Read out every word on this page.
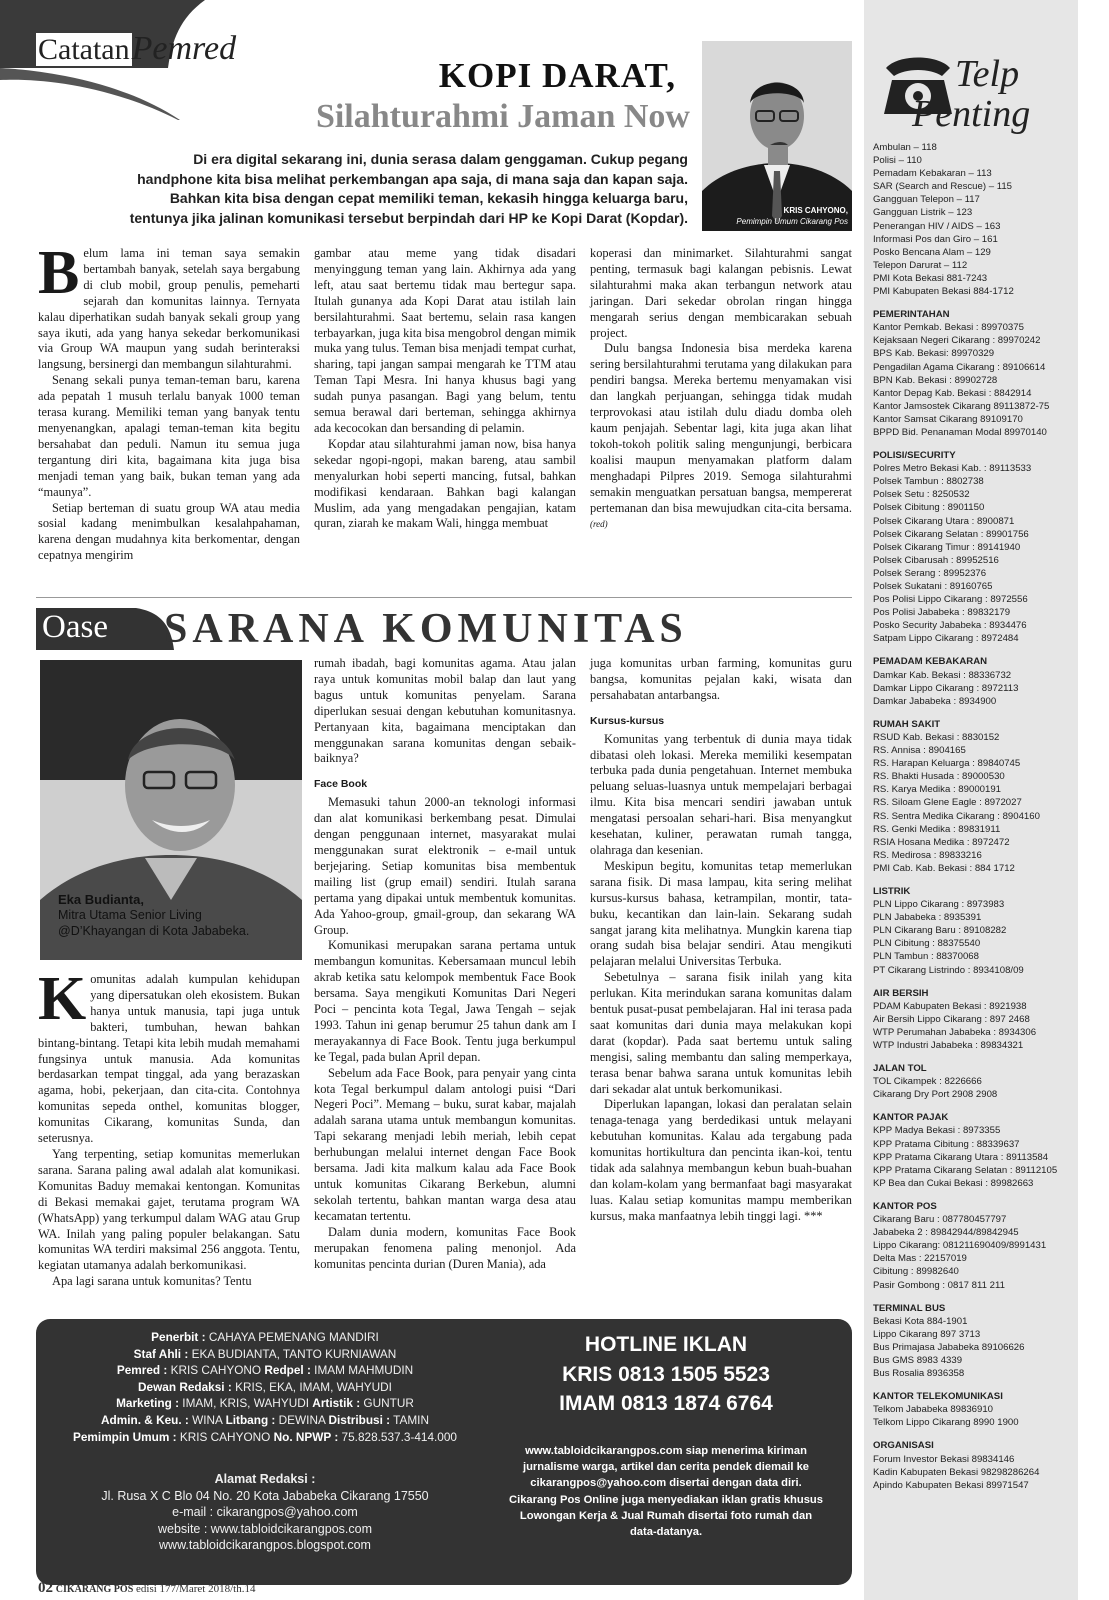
CatatanPemred
KOPI DARAT,
Silahturahmi Jaman Now
Di era digital sekarang ini, dunia serasa dalam genggaman. Cukup pegang handphone kita bisa melihat perkembangan apa saja, di mana saja dan kapan saja. Bahkan kita bisa dengan cepat memiliki teman, kekasih hingga keluarga baru, tentunya jika jalinan komunikasi tersebut berpindah dari HP ke Kopi Darat (Kopdar).	KRIS CAHYONO,
Pemimpin Umum Cikarang Pos
B elum lama ini teman saya semakin bertambah banyak, setelah saya bergabung di club mobil, group penulis, pemeharti sejarah dan komunitas lainnya. Ternyata kalau diperhatikan sudah banyak sekali group yang saya ikuti, ada yang hanya sekedar berkomunikasi via Group WA maupun yang sudah berinteraksi langsung, bersinergi dan membangun silahturahmi.

Senang sekali punya teman-teman baru, karena ada pepatah 1 musuh terlalu banyak 1000 teman terasa kurang. Memiliki teman yang banyak tentu menyenangkan, apalagi teman-teman kita begitu bersahabat dan peduli. Namun itu semua juga tergantung diri kita, bagaimana kita juga bisa menjadi teman yang baik, bukan teman yang ada “maunya”.

Setiap berteman di suatu group WA atau media sosial kadang menimbulkan kesalahpahaman, karena dengan mudahnya kita berkomentar, dengan cepatnya mengirim

gambar atau meme yang tidak disadari menyinggung teman yang lain. Akhirnya ada yang left, atau saat bertemu tidak mau bertegur sapa. Itulah gunanya ada Kopi Darat atau istilah lain bersilahturahmi. Saat bertemu, selain rasa kangen terbayarkan, juga kita bisa mengobrol dengan mimik muka yang tulus. Teman bisa menjadi tempat curhat, sharing, tapi jangan sampai mengarah ke TTM atau Teman Tapi Mesra. Ini hanya khusus bagi yang sudah punya pasangan. Bagi yang belum, tentu semua berawal dari berteman, sehingga akhirnya ada kecocokan dan bersanding di pelamin.

Kopdar atau silahturahmi jaman now, bisa hanya sekedar ngopi-ngopi, makan bareng, atau sambil menyalurkan hobi seperti mancing, futsal, bahkan modifikasi kendaraan. Bahkan bagi kalangan Muslim, ada yang mengadakan pengajian, katam quran, ziarah ke makam Wali, hingga membuat

koperasi dan minimarket. Silahturahmi sangat penting, termasuk bagi kalangan pebisnis. Lewat silahturahmi maka akan terbangun network atau jaringan. Dari sekedar obrolan ringan hingga mengarah serius dengan membicarakan sebuah project.

Dulu bangsa Indonesia bisa merdeka karena sering bersilahturahmi terutama yang dilakukan para pendiri bangsa. Mereka bertemu menyamakan visi dan langkah perjuangan, sehingga tidak mudah terprovokasi atau istilah dulu diadu domba oleh kaum penjajah. Sebentar lagi, kita juga akan lihat tokoh-tokoh politik saling mengunjungi, berbicara koalisi maupun menyamakan platform dalam menghadapi Pilpres 2019. Semoga silahturahmi semakin menguatkan persatuan bangsa, mempererat pertemanan dan bisa mewujudkan cita-cita bersama. (red)

Oase SARANA KOMUNITAS
Eka Budianta,
Mitra Utama Senior Living
@D’Khayangan di Kota Jababeka.
K omunitas adalah kumpulan kehidupan yang dipersatukan oleh ekosistem. Bukan hanya untuk manusia, tapi juga untuk bakteri, tumbuhan, hewan bahkan bintang-bintang. Tetapi kita lebih mudah memahami fungsinya untuk manusia. Ada komunitas berdasarkan tempat tinggal, ada yang berazaskan agama, hobi, pekerjaan, dan cita-cita. Contohnya komunitas sepeda onthel, komunitas blogger, komunitas Cikarang, komunitas Sunda, dan seterusnya.

Yang terpenting, setiap komunitas memerlukan sarana. Sarana paling awal adalah alat komunikasi. Komunitas Baduy memakai kentongan. Komunitas di Bekasi memakai gajet, terutama program WA (WhatsApp) yang terkumpul dalam WAG atau Grup WA. Inilah yang paling populer belakangan. Satu komunitas WA terdiri maksimal 256 anggota. Tentu, kegiatan utamanya adalah berkomunikasi.

Apa lagi sarana untuk komunitas? Tentu

rumah ibadah, bagi komunitas agama. Atau jalan raya untuk komunitas mobil balap dan laut yang bagus untuk komunitas penyelam. Sarana diperlukan sesuai dengan kebutuhan komunitasnya. Pertanyaan kita, bagaimana menciptakan dan menggunakan sarana komunitas dengan sebaik-baiknya?

Face Book

Memasuki tahun 2000-an teknologi informasi dan alat komunikasi berkembang pesat. Dimulai dengan penggunaan internet, masyarakat mulai menggunakan surat elektronik – e-mail untuk berjejaring. Setiap komunitas bisa membentuk mailing list (grup email) sendiri. Itulah sarana pertama yang dipakai untuk membentuk komunitas. Ada Yahoo-group, gmail-group, dan sekarang WA Group.

Komunikasi merupakan sarana pertama untuk membangun komunitas. Kebersamaan muncul lebih akrab ketika satu kelompok membentuk Face Book bersama. Saya mengikuti Komunitas Dari Negeri Poci – pencinta kota Tegal, Jawa Tengah – sejak 1993. Tahun ini genap berumur 25 tahun dank am I merayakannya di Face Book. Tentu juga berkumpul ke Tegal, pada bulan April depan.

Sebelum ada Face Book, para penyair yang cinta kota Tegal berkumpul dalam antologi puisi “Dari Negeri Poci”. Memang – buku, surat kabar, majalah adalah sarana utama untuk membangun komunitas. Tapi sekarang menjadi lebih meriah, lebih cepat berhubungan melalui internet dengan Face Book bersama. Jadi kita malkum kalau ada Face Book untuk komunitas Cikarang Berkebun, alumni sekolah tertentu, bahkan mantan warga desa atau kecamatan tertentu.

Dalam dunia modern, komunitas Face Book merupakan fenomena paling menonjol. Ada komunitas pencinta durian (Duren Mania), ada

juga komunitas urban farming, komunitas guru bangsa, komunitas pejalan kaki, wisata dan persahabatan antarbangsa.

Kursus-kursus

Komunitas yang terbentuk di dunia maya tidak dibatasi oleh lokasi. Mereka memiliki kesempatan terbuka pada dunia pengetahuan. Internet membuka peluang seluas-luasnya untuk mempelajari berbagai ilmu. Kita bisa mencari sendiri jawaban untuk mengatasi persoalan sehari-hari. Bisa menyangkut kesehatan, kuliner, perawatan rumah tangga, olahraga dan kesenian.

Meskipun begitu, komunitas tetap memerlukan sarana fisik. Di masa lampau, kita sering melihat kursus-kursus bahasa, ketrampilan, montir, tata-buku, kecantikan dan lain-lain. Sekarang sudah sangat jarang kita melihatnya. Mungkin karena tiap orang sudah bisa belajar sendiri. Atau mengikuti pelajaran melalui Universitas Terbuka.

Sebetulnya – sarana fisik inilah yang kita perlukan. Kita merindukan sarana komunitas dalam bentuk pusat-pusat pembelajaran. Hal ini terasa pada saat komunitas dari dunia maya melakukan kopi darat (kopdar). Pada saat bertemu untuk saling mengisi, saling membantu dan saling memperkaya, terasa benar bahwa sarana untuk komunitas lebih dari sekadar alat untuk berkomunikasi.

Diperlukan lapangan, lokasi dan peralatan selain tenaga-tenaga yang berdedikasi untuk melayani kebutuhan komunitas. Kalau ada tergabung pada komunitas hortikultura dan pencinta ikan-koi, tentu tidak ada salahnya membangun kebun buah-buahan dan kolam-kolam yang bermanfaat bagi masyarakat luas. Kalau setiap komunitas mampu memberikan kursus, maka manfaatnya lebih tinggi lagi. ***

Penerbit : CAHAYA PEMENANG MANDIRI
Staf Ahli : EKA BUDIANTA, TANTO KURNIAWAN
Pemred : KRIS CAHYONO Redpel : IMAM MAHMUDIN
Dewan Redaksi : KRIS, EKA, IMAM, WAHYUDI
Marketing : IMAM, KRIS, WAHYUDI Artistik : GUNTUR
Admin. & Keu. : WINA Litbang : DEWINA Distribusi : TAMIN
Pemimpin Umum : KRIS CAHYONO No. NPWP : 75.828.537.3-414.000
Alamat Redaksi :
Jl. Rusa X C Blo 04 No. 20 Kota Jababeka Cikarang 17550
e-mail : cikarangpos@yahoo.com
website : www.tabloidcikarangpos.com
www.tabloidcikarangpos.blogspot.com
HOTLINE IKLAN
KRIS 0813 1505 5523
IMAM 0813 1874 6764
www.tabloidcikarangpos.com siap menerima kiriman jurnalisme warga, artikel dan cerita pendek diemail ke cikarangpos@yahoo.com disertai dengan data diri. Cikarang Pos Online juga menyediakan iklan gratis khusus Lowongan Kerja & Jual Rumah disertai foto rumah dan data-datanya.
02 CIKARANG POS edisi 177/Maret 2018/th.14
Telp
Penting
Ambulan – 118
Polisi – 110
Pemadam Kebakaran – 113
SAR (Search and Rescue) – 115
Gangguan Telepon – 117
Gangguan Listrik – 123
Penerangan HIV / AIDS – 163
Informasi Pos dan Giro – 161
Posko Bencana Alam – 129
Telepon Darurat – 112
PMI Kota Bekasi 881-7243
PMI Kabupaten Bekasi 884-1712
PEMERINTAHAN
Kantor Pemkab. Bekasi : 89970375
Kejaksaan Negeri Cikarang : 89970242
BPS Kab. Bekasi: 89970329
Pengadilan Agama Cikarang : 89106614
BPN Kab. Bekasi : 89902728
Kantor Depag Kab. Bekasi : 8842914
Kantor Jamsostek Cikarang 89113872-75
Kantor Samsat Cikarang 89109170
BPPD Bid. Penanaman Modal 89970140
POLISI/SECURITY
Polres Metro Bekasi Kab. : 89113533
Polsek Tambun : 8802738
Polsek Setu : 8250532
Polsek Cibitung : 8901150
Polsek Cikarang Utara : 8900871
Polsek Cikarang Selatan : 89901756
Polsek Cikarang Timur : 89141940
Polsek Cibarusah : 89952516
Polsek Serang : 89952376
Polsek Sukatani : 89160765
Pos Polisi Lippo Cikarang : 8972556
Pos Polisi Jababeka : 89832179
Posko Security Jababeka : 8934476
Satpam Lippo Cikarang : 8972484
PEMADAM KEBAKARAN
Damkar Kab. Bekasi : 88336732
Damkar Lippo Cikarang : 8972113
Damkar Jababeka : 8934900
RUMAH SAKIT
RSUD Kab. Bekasi : 8830152
RS. Annisa : 8904165
RS. Harapan Keluarga : 89840745
RS. Bhakti Husada : 89000530
RS. Karya Medika : 89000191
RS. Siloam Glene Eagle : 8972027
RS. Sentra Medika Cikarang : 8904160
RS. Genki Medika : 89831911
RSIA Hosana Medika : 8972472
RS. Medirosa : 89833216
PMI Cab. Kab. Bekasi : 884 1712
LISTRIK
PLN Lippo Cikarang : 8973983
PLN Jababeka : 8935391
PLN Cikarang Baru : 89108282
PLN Cibitung : 88375540
PLN Tambun : 88370068
PT Cikarang Listrindo : 8934108/09
AIR BERSIH
PDAM Kabupaten Bekasi : 8921938
Air Bersih Lippo Cikarang : 897 2468
WTP Perumahan Jababeka : 8934306
WTP Industri Jababeka : 89834321
JALAN TOL
TOL Cikampek : 8226666
Cikarang Dry Port 2908 2908
KANTOR PAJAK
KPP Madya Bekasi : 8973355
KPP Pratama Cibitung : 88339637
KPP Pratama Cikarang Utara : 89113584
KPP Pratama Cikarang Selatan : 89112105
KP Bea dan Cukai Bekasi : 89982663
KANTOR POS
Cikarang Baru : 087780457797
Jababeka 2 : 89842944/89842945
Lippo Cikarang: 081211690409/8991431
Delta Mas : 22157019
Cibitung : 89982640
Pasir Gombong : 0817 811 211
TERMINAL BUS
Bekasi Kota 884-1901
Lippo Cikarang 897 3713
Bus Primajasa Jababeka 89106626
Bus GMS 8983 4339
Bus Rosalia 8936358
KANTOR TELEKOMUNIKASI
Telkom Jababeka 89836910
Telkom Lippo Cikarang 8990 1900
ORGANISASI
Forum Investor Bekasi 89834146
Kadin Kabupaten Bekasi 98298286264
Apindo Kabupaten Bekasi 89971547
